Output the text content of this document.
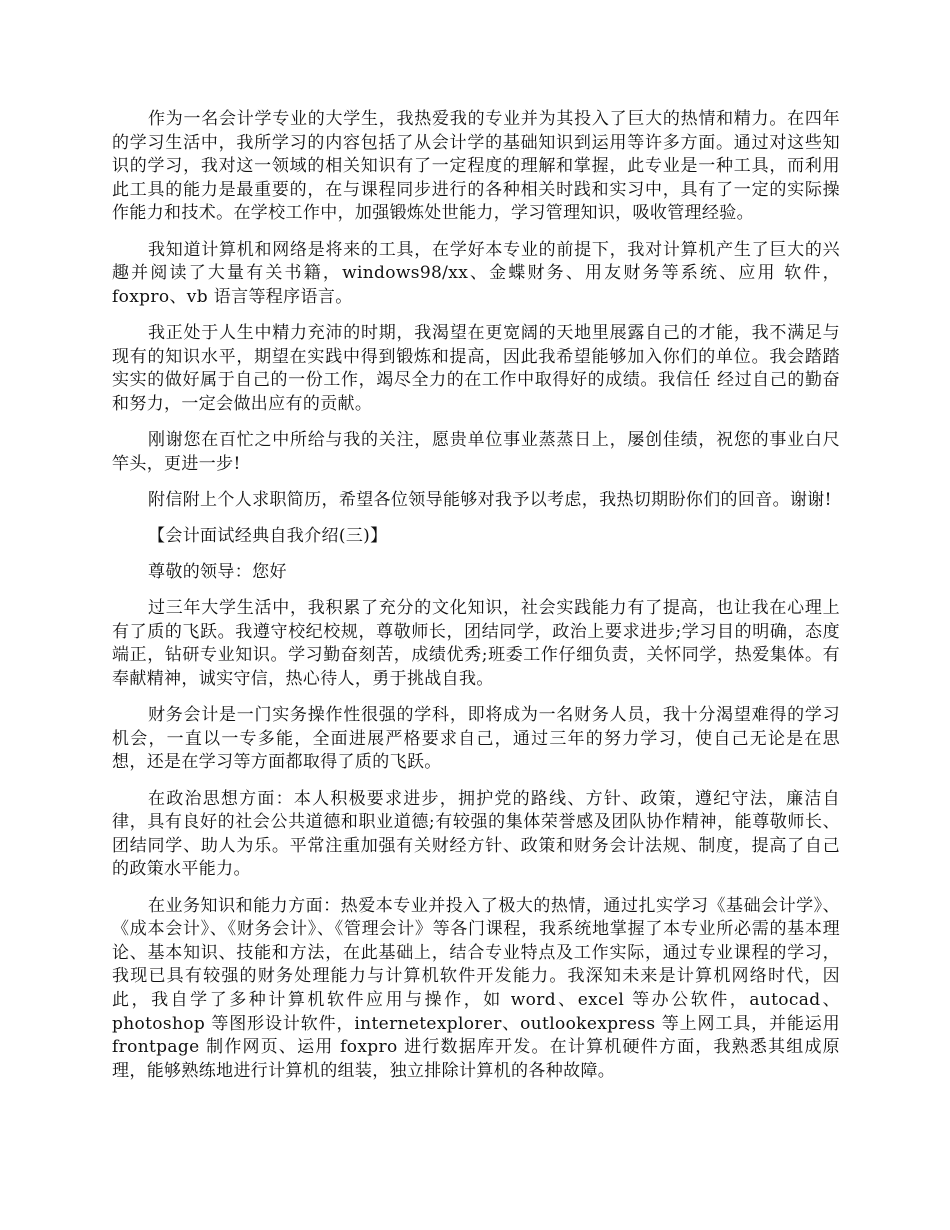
作为一名会计学专业的大学生，我热爱我的专业并为其投入了巨大的热情和精力。在四年的学习生活中，我所学习的内容包括了从会计学的基础知识到运用等许多方面。通过对这些知识的学习，我对这一领域的相关知识有了一定程度的理解和掌握，此专业是一种工具，而利用此工具的能力是最重要的，在与课程同步进行的各种相关时践和实习中，具有了一定的实际操作能力和技术。在学校工作中，加强锻炼处世能力，学习管理知识，吸收管理经验。

我知道计算机和网络是将来的工具，在学好本专业的前提下，我对计算机产生了巨大的兴趣并阅读了大量有关书籍，windows98/xx、金蝶财务、用友财务等系统、应用 软件，foxpro、vb 语言等程序语言。

我正处于人生中精力充沛的时期，我渴望在更宽阔的天地里展露自己的才能，我不满足与现有的知识水平，期望在实践中得到锻炼和提高，因此我希望能够加入你们的单位。我会踏踏实实的做好属于自己的一份工作，竭尽全力的在工作中取得好的成绩。我信任 经过自己的勤奋和努力，一定会做出应有的贡献。

刚谢您在百忙之中所给与我的关注，愿贵单位事业蒸蒸日上，屡创佳绩，祝您的事业白尺竿头，更进一步!

附信附上个人求职简历，希望各位领导能够对我予以考虑，我热切期盼你们的回音。谢谢!

【会计面试经典自我介绍(三)】

尊敬的领导：您好

过三年大学生活中，我积累了充分的文化知识，社会实践能力有了提高，也让我在心理上有了质的飞跃。我遵守校纪校规，尊敬师长，团结同学，政治上要求进步;学习目的明确，态度端正，钻研专业知识。学习勤奋刻苦，成绩优秀;班委工作仔细负责，关怀同学，热爱集体。有奉献精神，诚实守信，热心待人，勇于挑战自我。

财务会计是一门实务操作性很强的学科，即将成为一名财务人员，我十分渴望难得的学习机会，一直以一专多能，全面进展严格要求自己，通过三年的努力学习，使自己无论是在思想，还是在学习等方面都取得了质的飞跃。

在政治思想方面：本人积极要求进步，拥护党的路线、方针、政策，遵纪守法，廉洁自律，具有良好的社会公共道德和职业道德;有较强的集体荣誉感及团队协作精神，能尊敬师长、团结同学、助人为乐。平常注重加强有关财经方针、政策和财务会计法规、制度，提高了自己的政策水平能力。

在业务知识和能力方面：热爱本专业并投入了极大的热情，通过扎实学习《基础会计学》、《成本会计》、《财务会计》、《管理会计》等各门课程，我系统地掌握了本专业所必需的基本理论、基本知识、技能和方法，在此基础上，结合专业特点及工作实际，通过专业课程的学习，我现已具有较强的财务处理能力与计算机软件开发能力。我深知未来是计算机网络时代，因此，我自学了多种计算机软件应用与操作，如 word、excel 等办公软件，autocad、 photoshop 等图形设计软件，internetexplorer、outlookexpress 等上网工具，并能运用 frontpage 制作网页、运用 foxpro 进行数据库开发。在计算机硬件方面，我熟悉其组成原理，能够熟练地进行计算机的组装，独立排除计算机的各种故障。
